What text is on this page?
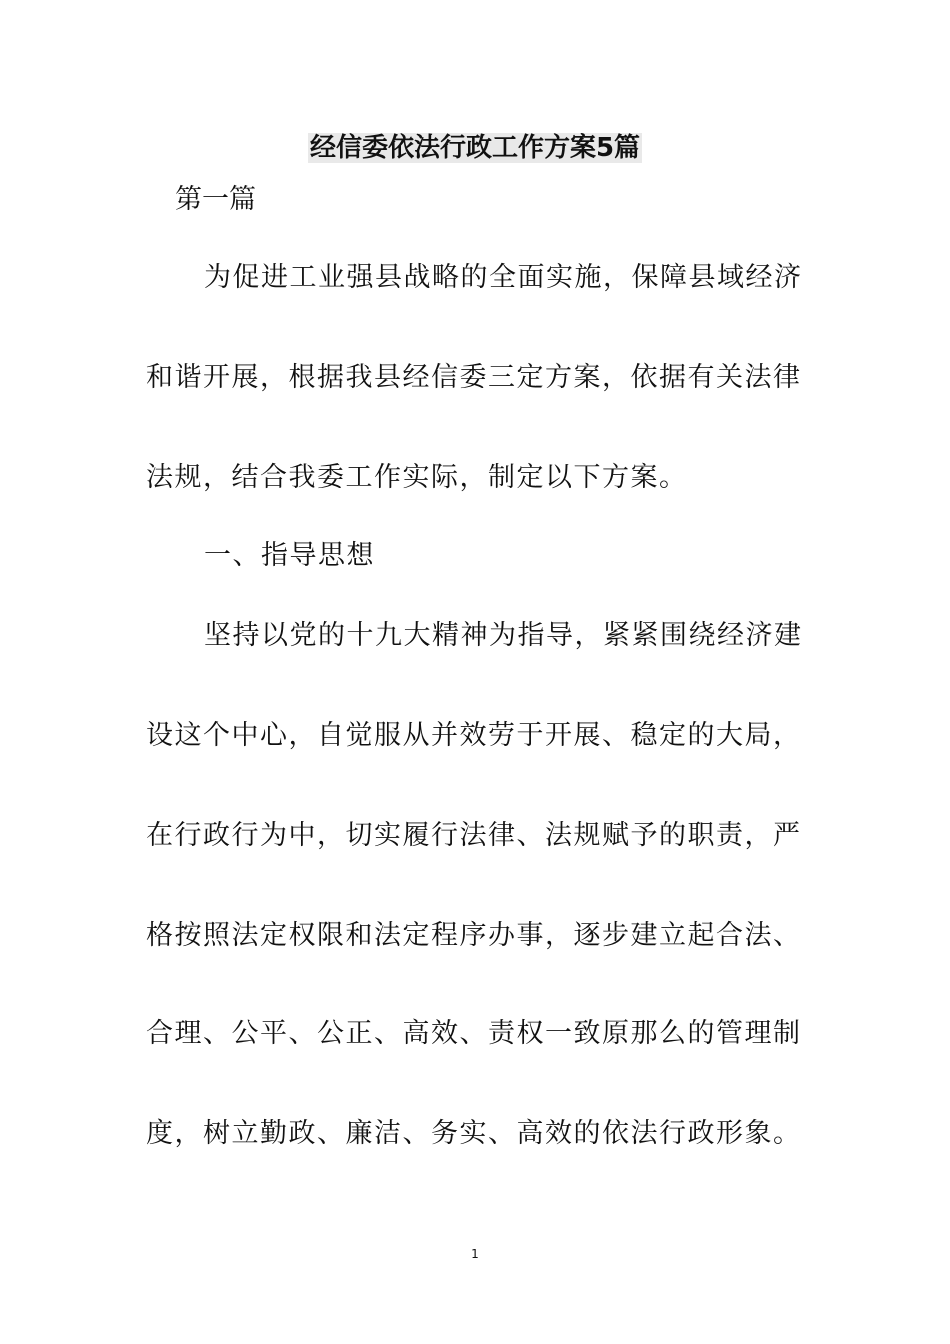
经信委依法行政工作方案5篇
第一篇
为促进工业强县战略的全面实施，保障县域经济
和谐开展，根据我县经信委三定方案，依据有关法律
法规，结合我委工作实际，制定以下方案。
一、指导思想
坚持以党的十九大精神为指导，紧紧围绕经济建
设这个中心，自觉服从并效劳于开展、稳定的大局，
在行政行为中，切实履行法律、法规赋予的职责，严
格按照法定权限和法定程序办事，逐步建立起合法、
合理、公平、公正、高效、责权一致原那么的管理制
度，树立勤政、廉洁、务实、高效的依法行政形象。
1
